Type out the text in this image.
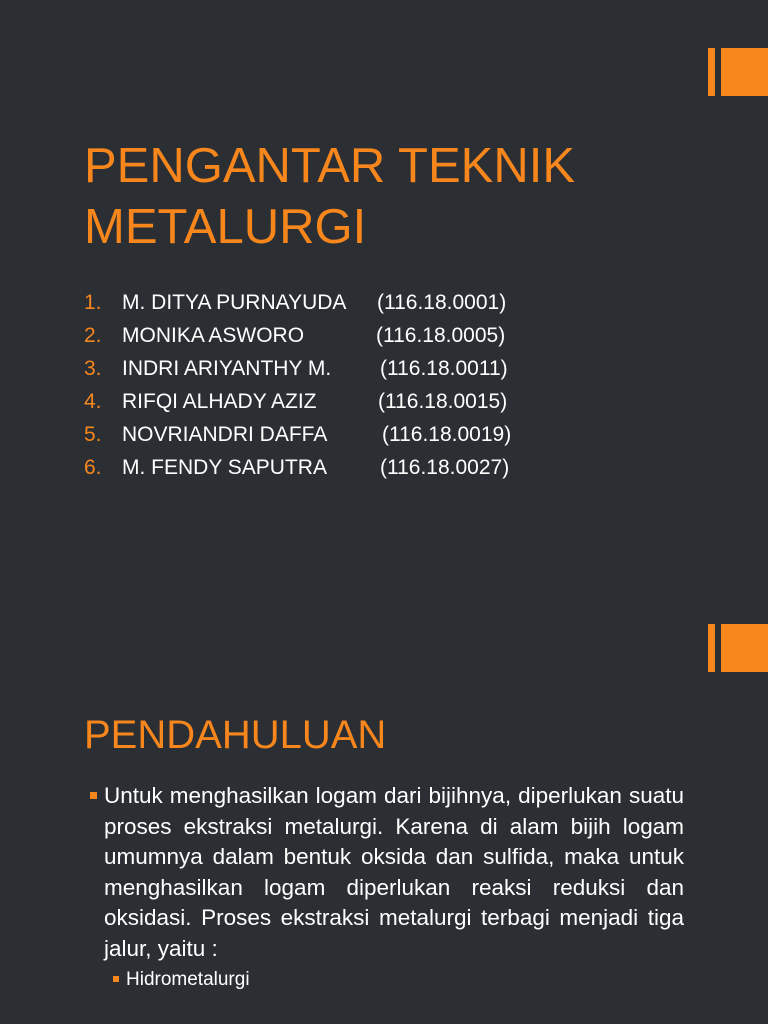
PENGANTAR TEKNIK METALURGI
1. M. DITYA PURNAYUDA (116.18.0001)
2. MONIKA ASWORO	(116.18.0005)
3. INDRI ARIYANTHY M. (116.18.0011)
4. RIFQI ALHADY AZIZ	(116.18.0015)
5. NOVRIANDRI DAFFA	(116.18.0019)
6. M. FENDY SAPUTRA	(116.18.0027)
PENDAHULUAN
Untuk menghasilkan logam dari bijihnya, diperlukan suatu proses ekstraksi metalurgi. Karena di alam bijih logam umumnya dalam bentuk oksida dan sulfida, maka untuk menghasilkan logam diperlukan reaksi reduksi dan oksidasi. Proses ekstraksi metalurgi terbagi menjadi tiga jalur, yaitu :
Hidrometalurgi
